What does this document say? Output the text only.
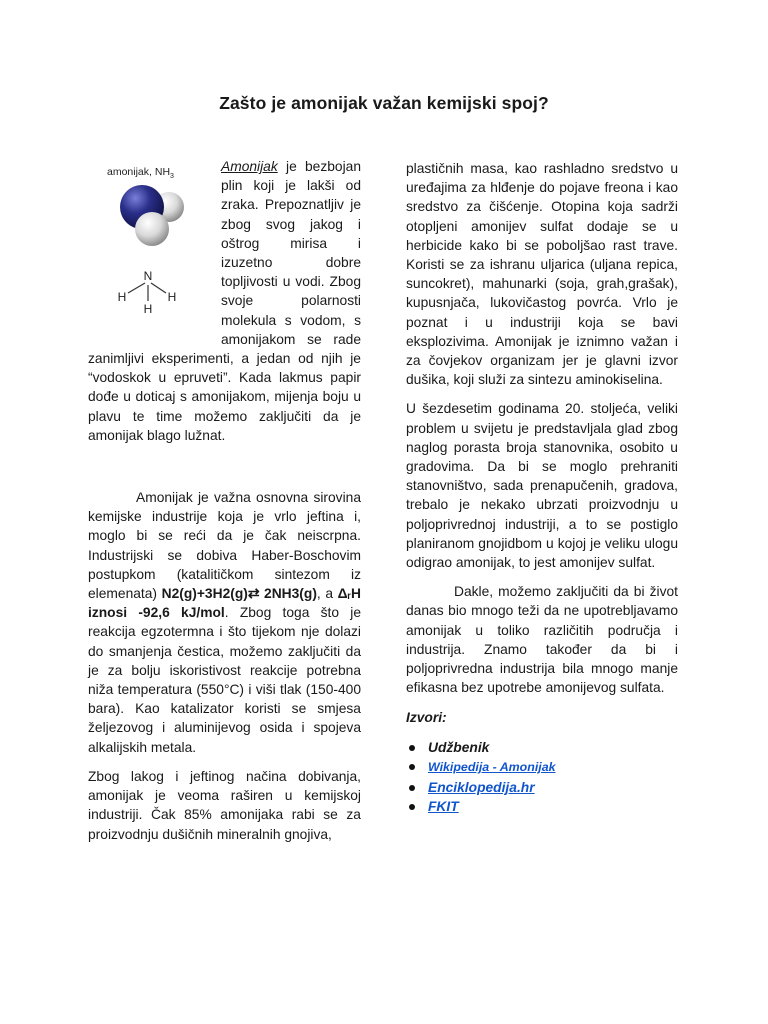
Zašto je amonijak važan kemijski spoj?
amonijak, $NH_3$
N
H	H
H

Amonijak je bezbojan plin koji je lakši od zraka. Prepoznatljiv je zbog svog jakog i oštrog mirisa i izuzetno dobre topljivosti u vodi. Zbog svoje polarnosti molekula s vodom, s amonijakom se rade zanimljivi eksperimenti, a jedan od njih je “vodoskok u epruveti”. Kada lakmus papir dođe u doticaj s amonijakom, mijenja boju u plavu te time možemo zaključiti da je amonijak blago lužnat.

Amonijak je važna osnovna sirovina kemijske industrije koja je vrlo jeftina i, moglo bi se reći da je čak neiscrpna. Industrijski se dobiva Haber-Boschovim postupkom (katalitičkom sintezom iz elemenata) N2(g)+3H2(g)⇄ 2NH3(g), a ΔᵣH iznosi -92,6 kJ/mol. Zbog toga što je reakcija egzotermna i što tijekom nje dolazi do smanjenja čestica, možemo zaključiti da je za bolju iskoristivost reakcije potrebna niža temperatura (550°C) i viši tlak (150-400 bara). Kao katalizator koristi se smjesa željezovog i aluminijevog osida i spojeva alkalijskih metala.

Zbog lakog i jeftinog načina dobivanja, amonijak je veoma raširen u kemijskoj industriji. Čak 85% amonijaka rabi se za proizvodnju dušičnih mineralnih gnojiva,

plastičnih masa, kao rashladno sredstvo u uređajima za hlđenje do pojave freona i kao sredstvo za čišćenje. Otopina koja sadrži otopljeni amonijev sulfat dodaje se u herbicide kako bi se poboljšao rast trave. Koristi se za ishranu uljarica (uljana repica, suncokret), mahunarki (soja, grah,grašak), kupusnjača, lukovičastog povrća. Vrlo je poznat i u industriji koja se bavi eksplozivima. Amonijak je iznimno važan i za čovjekov organizam jer je glavni izvor dušika, koji služi za sintezu aminokiselina.

U šezdesetim godinama 20. stoljeća, veliki problem u svijetu je predstavljala glad zbog naglog porasta broja stanovnika, osobito u gradovima. Da bi se moglo prehraniti stanovništvo, sada prenapučenih, gradova, trebalo je nekako ubrzati proizvodnju u poljoprivrednoj industriji, a to se postiglo planiranom gnojidbom u kojoj je veliku ulogu odigrao amonijak, to jest amonijev sulfat.

Dakle, možemo zaključiti da bi život danas bio mnogo teži da ne upotrebljavamo amonijak u toliko različitih područja i industrija. Znamo također da bi i poljoprivredna industrija bila mnogo manje efikasna bez upotrebe amonijevog sulfata.

Izvori:

Udžbenik
Wikipedija - Amonijak
Enciklopedija.hr
FKIT
